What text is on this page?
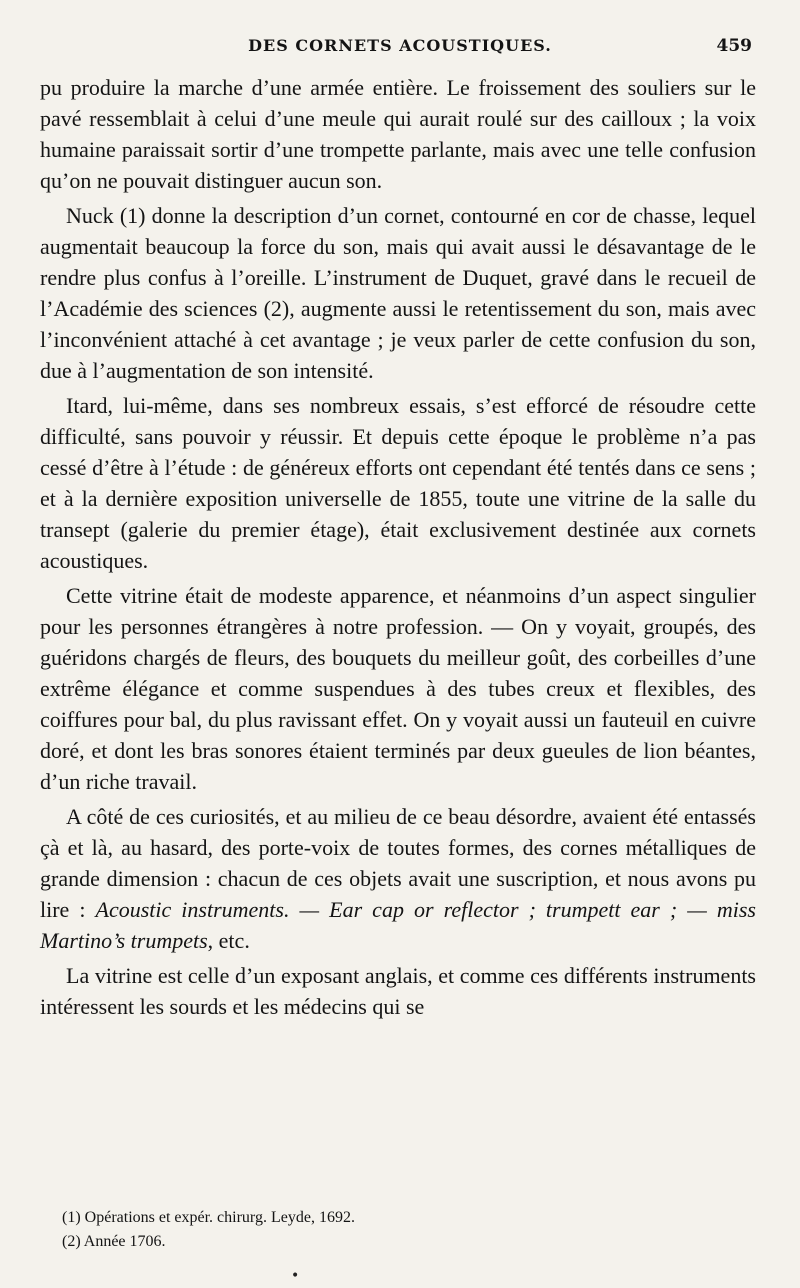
DES CORNETS ACOUSTIQUES.	459

pu produire la marche d’une armée entière. Le froissement des souliers sur le pavé ressemblait à celui d’une meule qui aurait roulé sur des cailloux ; la voix humaine paraissait sortir d’une trompette parlante, mais avec une telle confusion qu’on ne pouvait distinguer aucun son.

Nuck (1) donne la description d’un cornet, contourné en cor de chasse, lequel augmentait beaucoup la force du son, mais qui avait aussi le désavantage de le rendre plus confus à l’oreille. L’instrument de Duquet, gravé dans le recueil de l’Académie des sciences (2), augmente aussi le retentissement du son, mais avec l’inconvénient attaché à cet avantage ; je veux parler de cette confusion du son, due à l’augmentation de son intensité.

Itard, lui-même, dans ses nombreux essais, s’est efforcé de résoudre cette difficulté, sans pouvoir y réussir. Et depuis cette époque le problème n’a pas cessé d’être à l’étude : de généreux efforts ont cependant été tentés dans ce sens ; et à la dernière exposition universelle de 1855, toute une vitrine de la salle du transept (galerie du premier étage), était exclusivement destinée aux cornets acoustiques.

Cette vitrine était de modeste apparence, et néanmoins d’un aspect singulier pour les personnes étrangères à notre profession. — On y voyait, groupés, des guéridons chargés de fleurs, des bouquets du meilleur goût, des corbeilles d’une extrême élégance et comme suspendues à des tubes creux et flexibles, des coiffures pour bal, du plus ravissant effet. On y voyait aussi un fauteuil en cuivre doré, et dont les bras sonores étaient terminés par deux gueules de lion béantes, d’un riche travail.

A côté de ces curiosités, et au milieu de ce beau désordre, avaient été entassés çà et là, au hasard, des porte-voix de toutes formes, des cornes métalliques de grande dimension : chacun de ces objets avait une suscription, et nous avons pu lire : Acoustic instruments. — Ear cap or reflector ; trumpett ear ; — miss Martino’s trumpets, etc.

La vitrine est celle d’un exposant anglais, et comme ces différents instruments intéressent les sourds et les médecins qui se

(1) Opérations et expér. chirurg. Leyde, 1692.

(2) Année 1706.

•
